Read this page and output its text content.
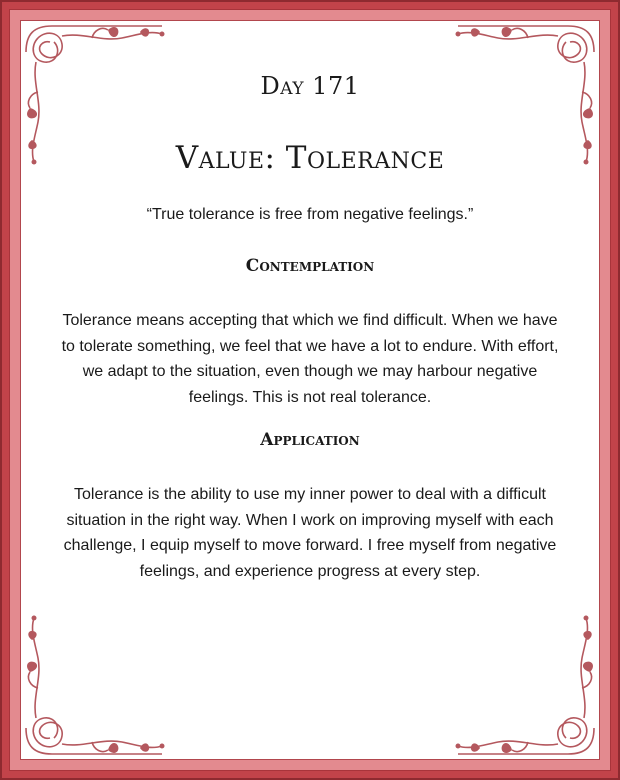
Day 171
Value: Tolerance
“True tolerance is free from negative feelings.”
Contemplation
Tolerance means accepting that which we find difficult. When we have to tolerate something, we feel that we have a lot to endure. With effort, we adapt to the situation, even though we may harbour negative feelings. This is not real tolerance.
Application
Tolerance is the ability to use my inner power to deal with a difficult situation in the right way. When I work on improving myself with each challenge, I equip myself to move forward. I free myself from negative feelings, and experience progress at every step.
